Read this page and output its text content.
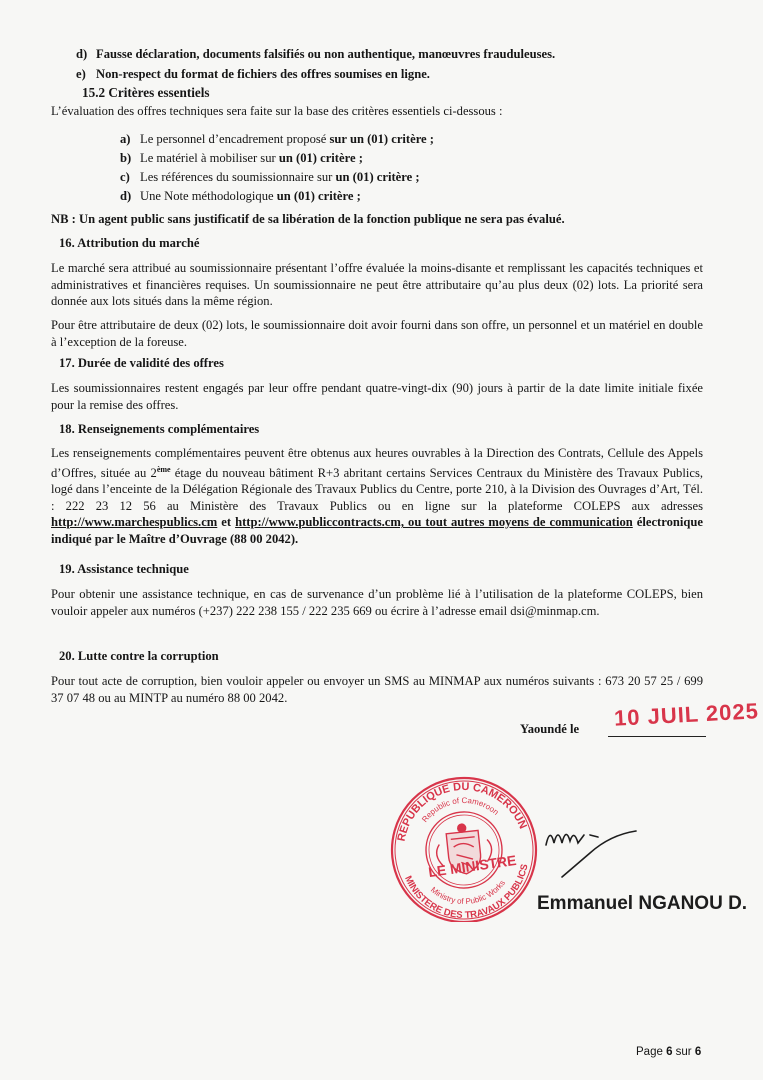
d) Fausse déclaration, documents falsifiés ou non authentique, manœuvres frauduleuses.
e) Non-respect du format de fichiers des offres soumises en ligne.
15.2 Critères essentiels
L’évaluation des offres techniques sera faite sur la base des critères essentiels ci-dessous :
a) Le personnel d’encadrement proposé sur un (01) critère ;
b) Le matériel à mobiliser sur un (01) critère ;
c) Les références du soumissionnaire sur un (01) critère ;
d) Une Note méthodologique un (01) critère ;
NB : Un agent public sans justificatif de sa libération de la fonction publique ne sera pas évalué.
16. Attribution du marché
Le marché sera attribué au soumissionnaire présentant l’offre évaluée la moins-disante et remplissant les capacités techniques et administratives et financières requises. Un soumissionnaire ne peut être attributaire qu’au plus deux (02) lots. La priorité sera donnée aux lots situés dans la même région.
Pour être attributaire de deux (02) lots, le soumissionnaire doit avoir fourni dans son offre, un personnel et un matériel en double à l’exception de la foreuse.
17. Durée de validité des offres
Les soumissionnaires restent engagés par leur offre pendant quatre-vingt-dix (90) jours à partir de la date limite initiale fixée pour la remise des offres.
18. Renseignements complémentaires
Les renseignements complémentaires peuvent être obtenus aux heures ouvrables à la Direction des Contrats, Cellule des Appels d’Offres, située au 2ème étage du nouveau bâtiment R+3 abritant certains Services Centraux du Ministère des Travaux Publics, logé dans l’enceinte de la Délégation Régionale des Travaux Publics du Centre, porte 210, à la Division des Ouvrages d’Art, Tél. : 222 23 12 56 au Ministère des Travaux Publics ou en ligne sur la plateforme COLEPS aux adresses http://www.marchespublics.cm et http://www.publiccontracts.cm, ou tout autres moyens de communication électronique indiqué par le Maître d’Ouvrage (88 00 2042).
19. Assistance technique
Pour obtenir une assistance technique, en cas de survenance d’un problème lié à l’utilisation de la plateforme COLEPS, bien vouloir appeler aux numéros (+237) 222 238 155 / 222 235 669 ou écrire à l’adresse email dsi@minmap.cm.
20. Lutte contre la corruption
Pour tout acte de corruption, bien vouloir appeler ou envoyer un SMS au MINMAP aux numéros suivants : 673 20 57 25 / 699 37 07 48 ou au MINTP au numéro 88 00 2042.
Yaoundé le 10 JUIL 2025
REPUBLIQUE DU CAMEROUN
Republic of Cameroon
MINISTERE DES TRAVAUX PUBLICS
Ministry of Public Works
LE MINISTRE
Emmanuel NGANOU D.
Page 6 sur 6
